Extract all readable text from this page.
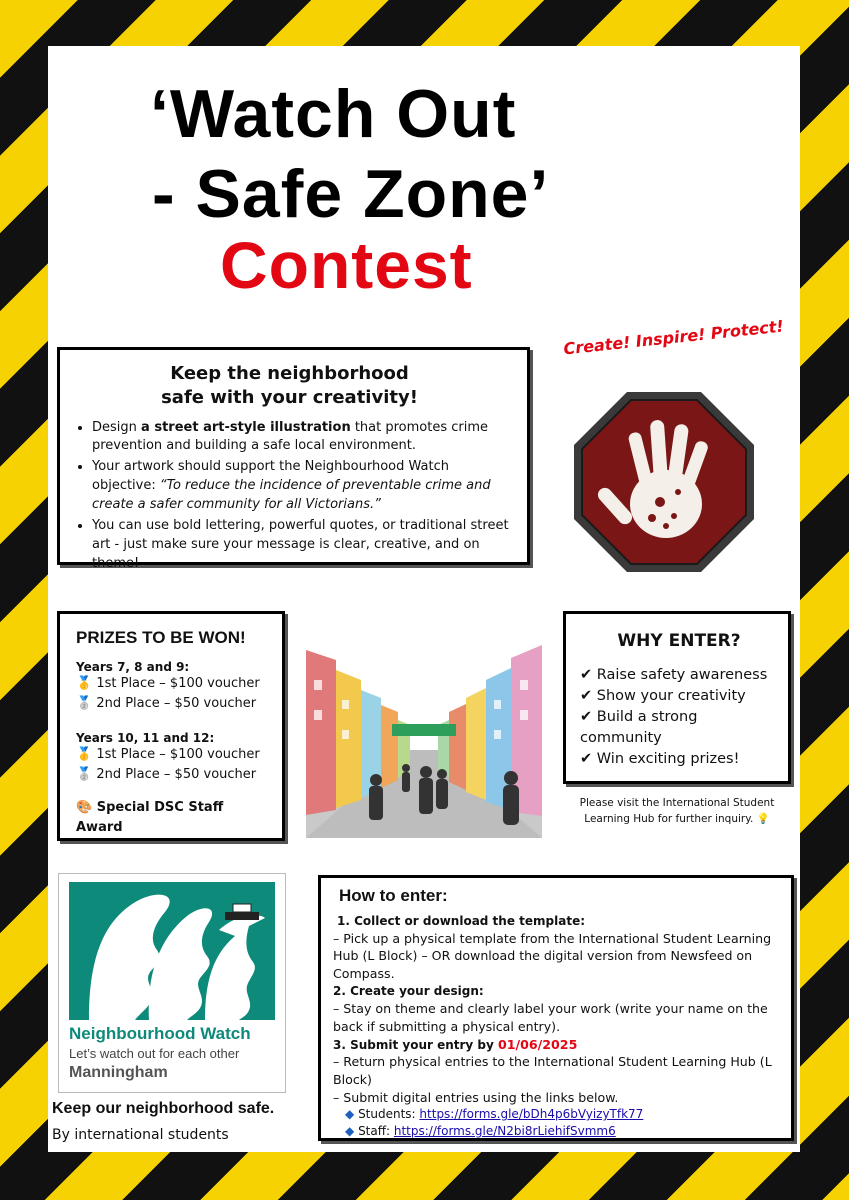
‘Watch Out
- Safe Zone’
Contest
Create! Inspire! Protect!
Keep the neighborhood
safe with your creativity!
• Design a street art-style illustration that promotes crime prevention and building a safe local environment.
• Your artwork should support the Neighbourhood Watch objective: “To reduce the incidence of preventable crime and create a safer community for all Victorians.”
• You can use bold lettering, powerful quotes, or traditional street art - just make sure your message is clear, creative, and on theme!
PRIZES TO BE WON!
Years 7, 8 and 9:
🥇 1st Place – $100 voucher
🥈 2nd Place – $50 voucher
Years 10, 11 and 12:
🥇 1st Place – $100 voucher
🥈 2nd Place – $50 voucher
🎨 Special DSC Staff Award
WHY ENTER?
✔ Raise safety awareness
✔ Show your creativity
✔ Build a strong community
✔ Win exciting prizes!
Please visit the International Student Learning Hub for further inquiry. 💡
Neighbourhood Watch
Let’s watch out for each other
Manningham
Keep our neighborhood safe.
By international students
How to enter:
1. Collect or download the template:
– Pick up a physical template from the International Student Learning Hub (L Block) – OR download the digital version from Newsfeed on Compass.
2. Create your design:
– Stay on theme and clearly label your work (write your name on the back if submitting a physical entry).
3. Submit your entry by 01/06/2025
– Return physical entries to the International Student Learning Hub (L Block)
– Submit digital entries using the links below.
◆ Students: https://forms.gle/bDh4p6bVyizyTfk77
◆ Staff: https://forms.gle/N2bi8rLiehifSvmm6
